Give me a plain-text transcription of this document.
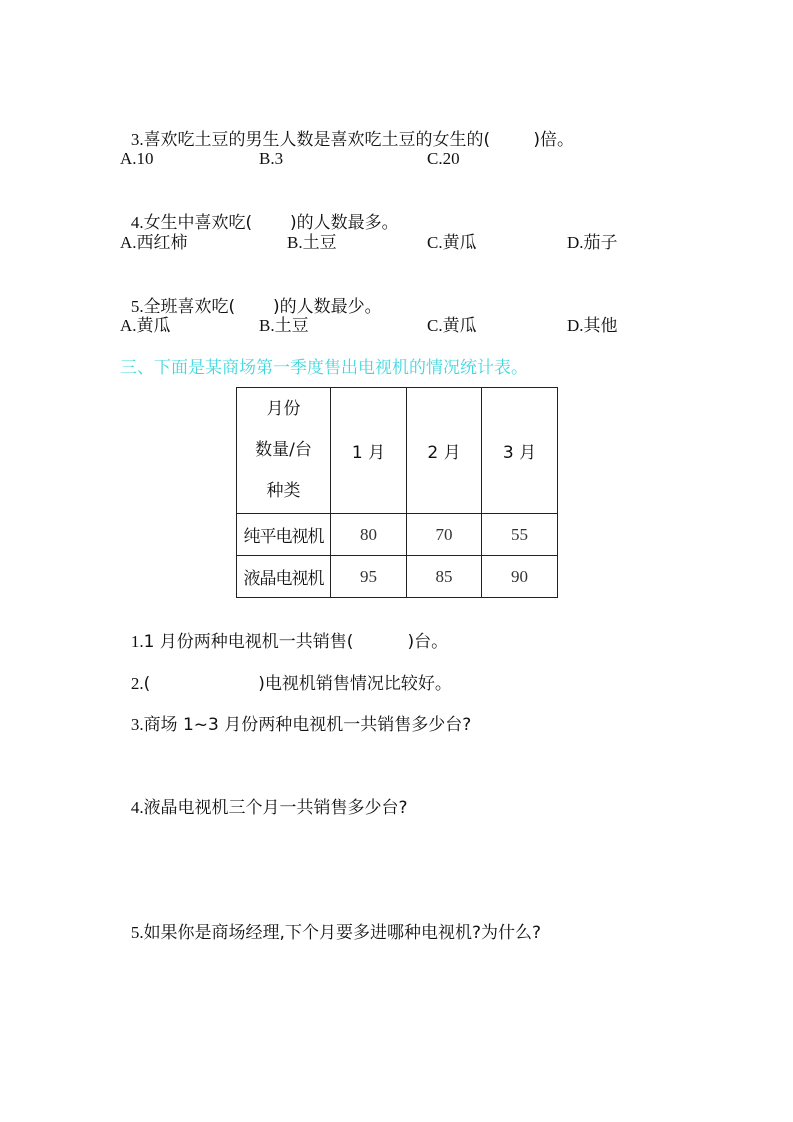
3.喜欢吃土豆的男生人数是喜欢吃土豆的女生的(        )倍。

A.10	B.3	C.20

4.女生中喜欢吃(       )的人数最多。

A.西红柿	B.土豆	C.黄瓜	D.茄子

5.全班喜欢吃(       )的人数最少。

A.黄瓜	B.土豆	C.黄瓜	D.其他
三、下面是某商场第一季度售出电视机的情况统计表。
月份
数量/台
种类	1 月	2 月	3 月
纯平电视机	80	70	55
液晶电视机	95	85	90

1.1 月份两种电视机一共销售(          )台。

2.(                    )电视机销售情况比较好。

3.商场 1~3 月份两种电视机一共销售多少台?

4.液晶电视机三个月一共销售多少台?

5.如果你是商场经理,下个月要多进哪种电视机?为什么?
